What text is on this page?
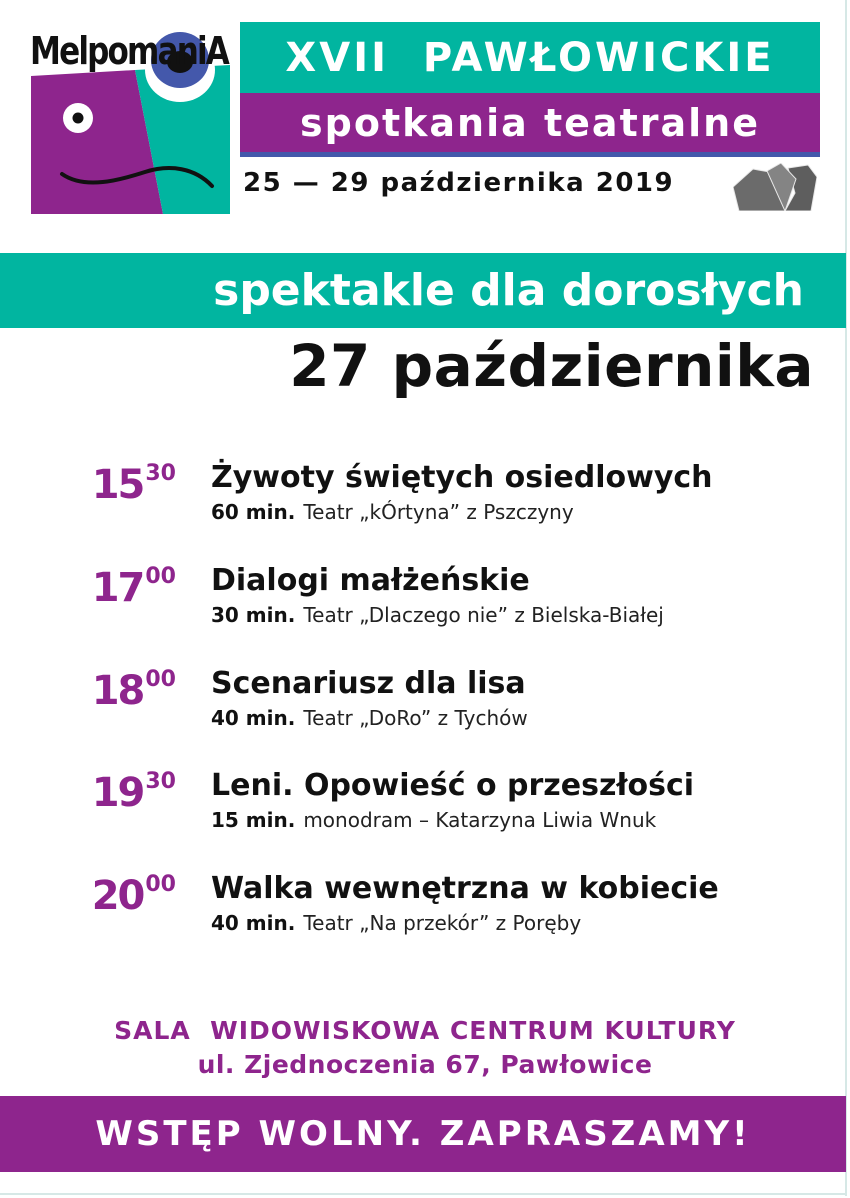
MelpomaniA XVII  PAWŁOWICKIE
spotkania teatralne
25 — 29 października 2019
spektakle dla dorosłych
27 października
$15^{30}$ Żywoty świętych osiedlowych
60 min. Teatr „kÓrtyna” z Pszczyny
$17^{00}$ Dialogi małżeńskie
30 min. Teatr „Dlaczego nie” z Bielska-Białej
$18^{00}$ Scenariusz dla lisa
40 min. Teatr „DoRo” z Tychów
$19^{30}$ Leni. Opowieść o przeszłości
15 min. monodram – Katarzyna Liwia Wnuk
$20^{00}$ Walka wewnętrzna w kobiecie
40 min. Teatr „Na przekór” z Poręby
SALA  WIDOWISKOWA CENTRUM KULTURY
ul. Zjednoczenia 67, Pawłowice
WSTĘP WOLNY. ZAPRASZAMY!
